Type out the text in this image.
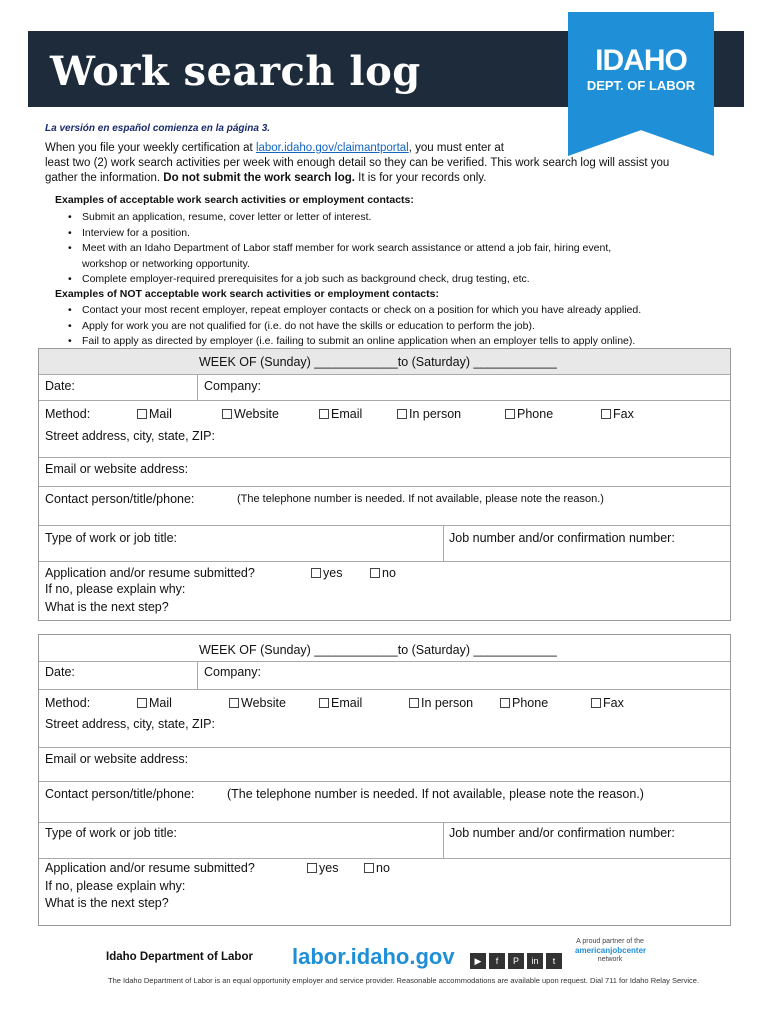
Work search log	IDAHO
DEPT. OF LABOR
La versión en español comienza en la página 3.
When you file your weekly certification at labor.idaho.gov/claimantportal, you must enter at
least two (2) work search activities per week with enough detail so they can be verified. This work search log will assist you
gather the information. Do not submit the work search log. It is for your records only.
Examples of acceptable work search activities or employment contacts:
• Submit an application, resume, cover letter or letter of interest.
• Interview for a position.
• Meet with an Idaho Department of Labor staff member for work search assistance or attend a job fair, hiring event,
workshop or networking opportunity.
• Complete employer-required prerequisites for a job such as background check, drug testing, etc.
Examples of NOT acceptable work search activities or employment contacts:
• Contact your most recent employer, repeat employer contacts or check on a position for which you have already applied.
• Apply for work you are not qualified for (i.e. do not have the skills or education to perform the job).
• Fail to apply as directed by employer (i.e. failing to submit an online application when an employer tells to apply online).
WEEK OF (Sunday) ____________to (Saturday) ____________
Date:	Company:
Method:	Mail	Website	Email	In person	Phone	Fax
Street address, city, state, ZIP:
Email or website address:
Contact person/title/phone:	(The telephone number is needed. If not available, please note the reason.)
Type of work or job title:	Job number and/or confirmation number:
Application and/or resume submitted?	yes	no
If no, please explain why:
What is the next step?
WEEK OF (Sunday) ____________to (Saturday) ____________
Date:	Company:
Method:	Mail	Website	Email	In person	Phone	Fax
Street address, city, state, ZIP:
Email or website address:
Contact person/title/phone:	(The telephone number is needed. If not available, please note the reason.)
Type of work or job title:	Job number and/or confirmation number:
Application and/or resume submitted?	yes	no
If no, please explain why:
What is the next step?
Idaho Department of Labor labor.idaho.gov	▶ f P in t
A proud partner of the
americanjobcenter
network
The Idaho Department of Labor is an equal opportunity employer and service provider. Reasonable accommodations are available upon request. Dial 711 for Idaho Relay Service.
